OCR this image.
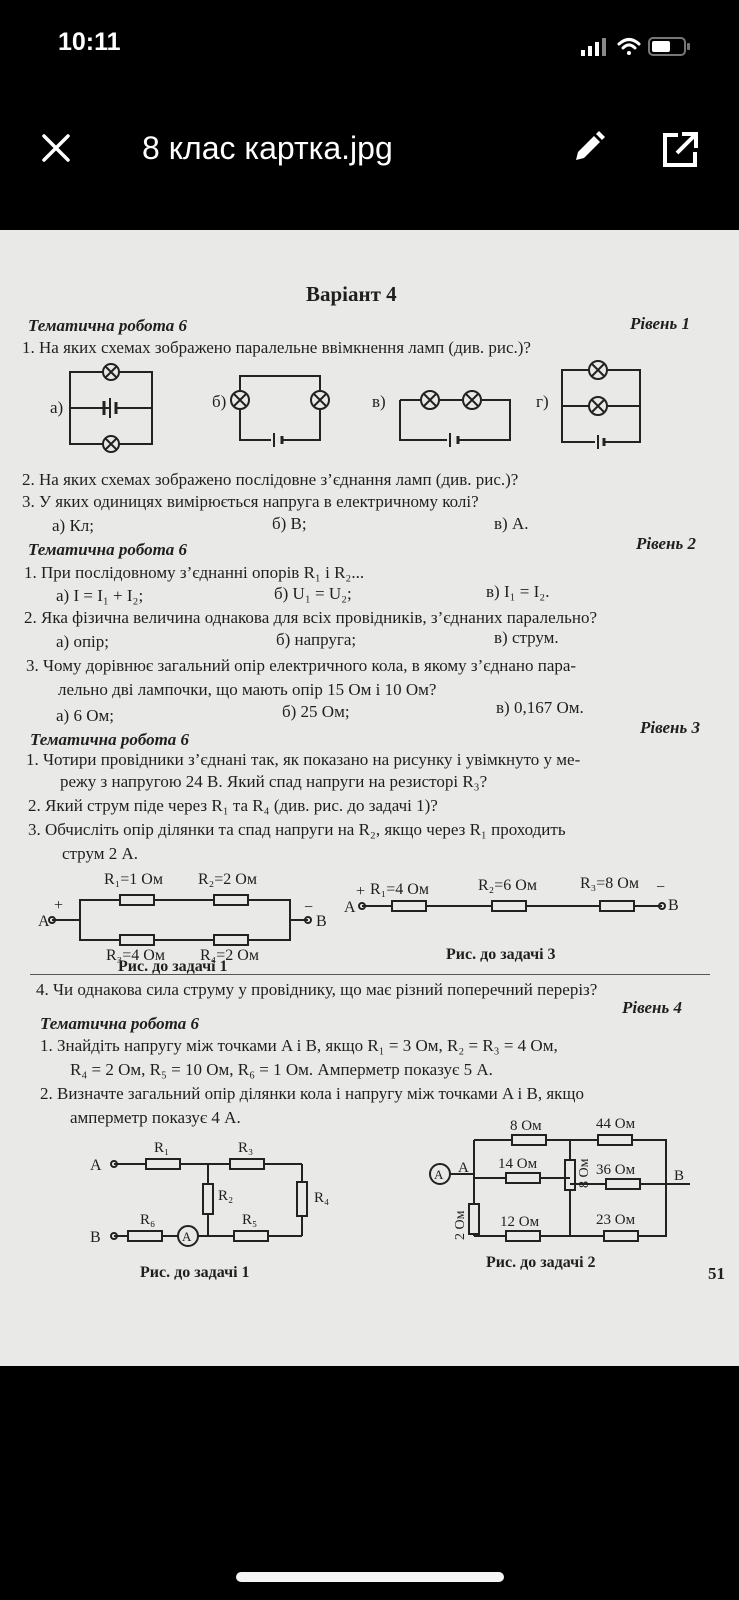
10:11
8 клас картка.jpg
Варіант 4
Тематична робота 6	Рівень 1
1. На яких схемах зображено паралельне ввімкнення ламп (див. рис.)?
а)	б)	в)	г)
2. На яких схемах зображено послідовне з’єднання ламп (див. рис.)?
3. У яких одиницях вимірюється напруга в електричному колі?
а) Кл;	б) В;	в) А.
Тематична робота 6	Рівень 2
1. При послідовному з’єднанні опорів R₁ і R₂...
а) I = I₁ + I₂;	б) U₁ = U₂;	в) I₁ = I₂.
2. Яка фізична величина однакова для всіх провідників, з’єднаних паралельно?
а) опір;	б) напруга;	в) струм.
3. Чому дорівнює загальний опір електричного кола, в якому з’єднано пара-
лельно дві лампочки, що мають опір 15 Ом і 10 Ом?
а) 6 Ом;	б) 25 Ом;	в) 0,167 Ом.
Тематична робота 6
Рівень 3
1. Чотири провідники з’єднані так, як показано на рисунку і увімкнуто у ме-
режу з напругою 24 В. Який спад напруги на резисторі R₃?
2. Який струм піде через R₁ та R₄ (див. рис. до задачі 1)?
3. Обчисліть опір ділянки та спад напруги на R₂, якщо через R₁ проходить
струм 2 А.
R₁=1 Ом R₂=2 Ом
R₃=4 Ом R₄=2 Ом
A	B
+	−
Рис. до задачі 1
R₁=4 Ом	R₂=6 Ом	R₃=8 Ом
A	B
+	−
Рис. до задачі 3
4. Чи однакова сила струму у провіднику, що має різний поперечний переріз?
Рівень 4
Тематична робота 6
1. Знайдіть напругу між точками A і B, якщо R₁ = 3 Ом, R₂ = R₃ = 4 Ом,
R₄ = 2 Ом, R₅ = 10 Ом, R₆ = 1 Ом. Амперметр показує 5 А.
2. Визначте загальний опір ділянки кола і напругу між точками A і B, якщо
амперметр показує 4 А.
A
R₁	R₃
R₂	R₄
R₆	R₅
A
B
Рис. до задачі 1
A A	B
8 Ом	44 Ом
14 Ом	36 Ом
12 Ом	23 Ом
8 Ом
2 Ом
Рис. до задачі 2
51
